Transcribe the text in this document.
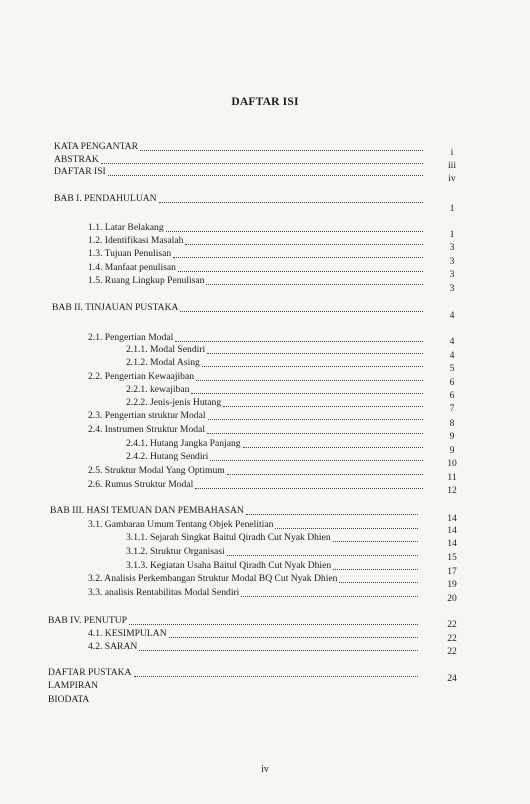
DAFTAR ISI
i
KATA PENGANTAR
iii
ABSTRAK
iv
DAFTAR ISI
1
BAB I. PENDAHULUAN
1
1.1. Latar Belakang
3
1.2. Identifikasi Masalah
3
1.3. Tujuan Penulisan
3
1.4. Manfaat penulisan
3
1.5. Ruang Lingkup Penulisan
4
BAB II. TINJAUAN PUSTAKA
4
2.1. Pengertian Modal
4
2.1.1. Modal Sendiri
5
2.1.2. Modal Asing
6
2.2. Pengertian Kewaajiban
6
2.2.1. kewajiban
7
2.2.2. Jenis-jenis Hutang
8
2.3. Pengertian struktur Modal
9
2.4. Instrumen Struktur Modal
9
2.4.1. Hutang Jangka Panjang
10
2.4.2. Hutang Sendiri
11
2.5. Struktur Modal Yang Optimum
12
2.6. Rumus Struktur Modal
14
BAB III. HASI TEMUAN DAN PEMBAHASAN
14
3.1. Gambaran Umum Tentang Objek Penelitian
14
3.1.1. Sejarah Singkat Baitul Qiradh Cut Nyak Dhien
15
3.1.2. Struktur Organisasi
17
3.1.3. Kegiatan Usaha Baitul Qiradh Cut Nyak Dhien
19
3.2. Analisis Perkembangan Struktur Modal BQ Cut Nyak Dhien
20
3.3. analisis Rentabilitas Modal Sendiri
22
BAB IV. PENUTUP
22
4.1. KESIMPULAN
22
4.2. SARAN
24
DAFTAR PUSTAKA
LAMPIRAN
BIODATA
iv
